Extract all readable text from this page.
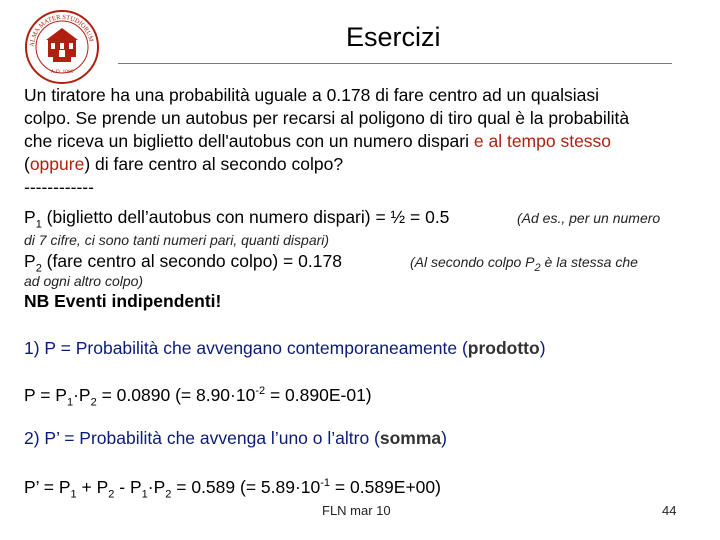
ALMA MATER STUDIORUM
A.D. 1088
Esercizi
Un tiratore ha una probabilità uguale a 0.178 di fare centro ad un qualsiasi
colpo. Se prende un autobus per recarsi al poligono di tiro qual è la probabilità
che riceva un biglietto dell'autobus con un numero dispari e al tempo stesso
(oppure) di fare centro al secondo colpo?
------------
$P_1$ (biglietto dell’autobus con numero dispari) = ½ = 0.5	(Ad es., per un numero
di 7 cifre, ci sono tanti numeri pari, quanti dispari)
$P_2$ (fare centro al secondo colpo) = 0.178	(Al secondo colpo $P_2$ è la stessa che
ad ogni altro colpo)
NB Eventi indipendenti!
1) P = Probabilità che avvengano contemporaneamente (prodotto)
$P = P_1\cdot P_2 = 0.0890$ (= $8.90\cdot 10^{-2} = 0.890E-01$)
2) P’ = Probabilità che avvenga l’uno o l’altro (somma)
P’ = $P_1 + P_2 - P_1\cdot P_2 = 0.589$ (= $5.89\cdot 10^{-1} = 0.589E+00$)
FLN mar 10	44
